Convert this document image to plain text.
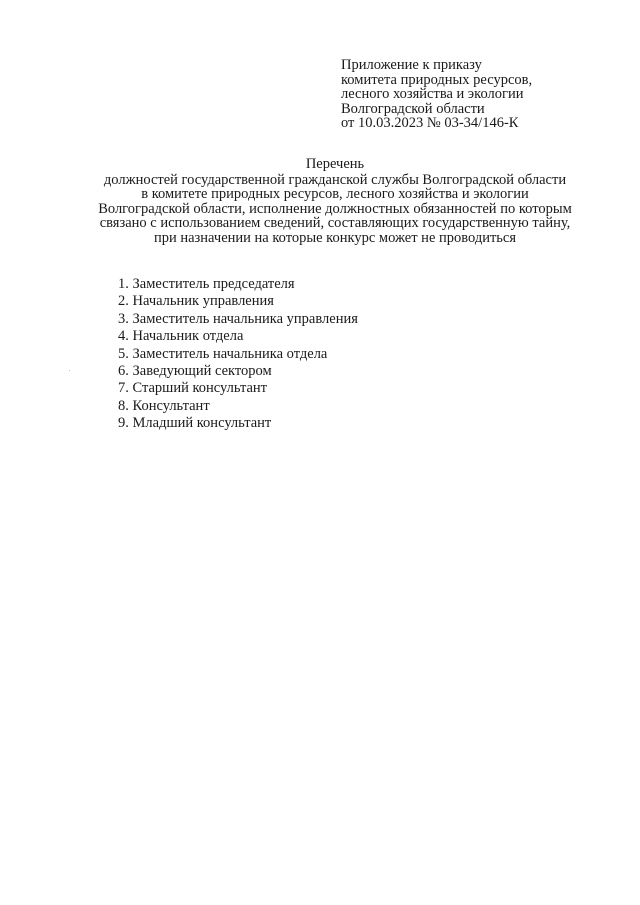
Приложение к приказу
комитета природных ресурсов,
лесного хозяйства и экологии
Волгоградской области
от 10.03.2023 № 03-34/146-К
Перечень
должностей государственной гражданской службы Волгоградской области
в комитете природных ресурсов, лесного хозяйства и экологии
Волгоградской области, исполнение должностных обязанностей по которым
связано с использованием сведений, составляющих государственную тайну,
при назначении на которые конкурс может не проводиться
1. Заместитель председателя
2. Начальник управления
3. Заместитель начальника управления
4. Начальник отдела
5. Заместитель начальника отдела
6. Заведующий сектором
7. Старший консультант
8. Консультант
9. Младший консультант
